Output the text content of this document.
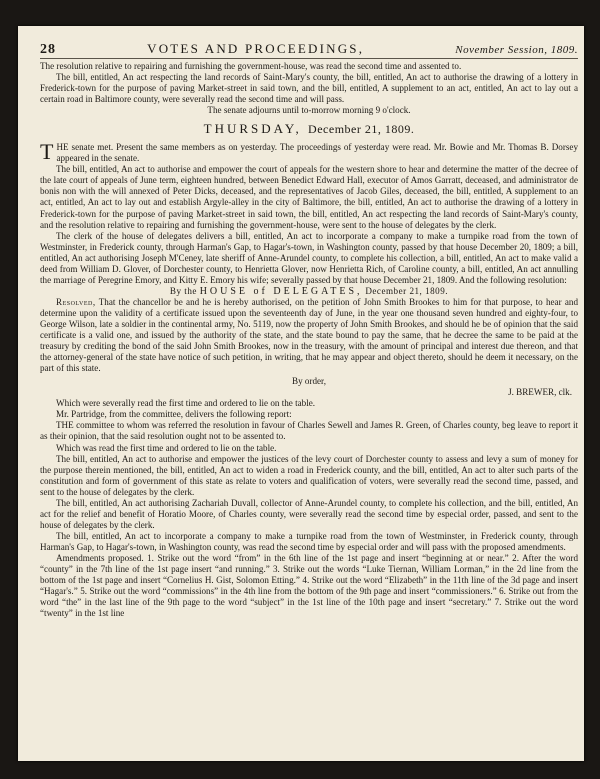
28	VOTES AND PROCEEDINGS,	November Session, 1809.

The resolution relative to repairing and furnishing the government-house, was read the second time and assented to.

The bill, entitled, An act respecting the land records of Saint-Mary's county, the bill, entitled, An act to authorise the drawing of a lottery in Frederick-town for the purpose of paving Market-street in said town, and the bill, entitled, A supplement to an act, entitled, An act to lay out a certain road in Baltimore county, were severally read the second time and will pass.

The senate adjourns until to-morrow morning 9 o'clock.

THURSDAY, December 21, 1809.

THE senate met. Present the same members as on yesterday. The proceedings of yesterday were read. Mr. Bowie and Mr. Thomas B. Dorsey appeared in the senate.

The bill, entitled, An act to authorise and empower the court of appeals for the western shore to hear and determine the matter of the decree of the late court of appeals of June term, eighteen hundred, between Benedict Edward Hall, executor of Amos Garratt, deceased, and administrator de bonis non with the will annexed of Peter Dicks, deceased, and the representatives of Jacob Giles, deceased, the bill, entitled, A supplement to an act, entitled, An act to lay out and establish Argyle-alley in the city of Baltimore, the bill, entitled, An act to authorise the drawing of a lottery in Frederick-town for the purpose of paving Market-street in said town, the bill, entitled, An act respecting the land records of Saint-Mary's county, and the resolution relative to repairing and furnishing the government-house, were sent to the house of delegates by the clerk.

The clerk of the house of delegates delivers a bill, entitled, An act to incorporate a company to make a turnpike road from the town of Westminster, in Frederick county, through Harman's Gap, to Hagar's-town, in Washington county, passed by that house December 20, 1809; a bill, entitled, An act authorising Joseph M'Ceney, late sheriff of Anne-Arundel county, to complete his collection, a bill, entitled, An act to make valid a deed from William D. Glover, of Dorchester county, to Henrietta Glover, now Henrietta Rich, of Caroline county, a bill, entitled, An act annulling the marriage of Peregrine Emory, and Kitty E. Emory his wife; severally passed by that house December 21, 1809. And the following resolution:

By the HOUSE of DELEGATES, December 21, 1809.

Resolved, That the chancellor be and he is hereby authorised, on the petition of John Smith Brookes to him for that purpose, to hear and determine upon the validity of a certificate issued upon the seventeenth day of June, in the year one thousand seven hundred and eighty-four, to George Wilson, late a soldier in the continental army, No. 5119, now the property of John Smith Brookes, and should he be of opinion that the said certificate is a valid one, and issued by the authority of the state, and the state bound to pay the same, that he decree the same to be paid at the treasury by crediting the bond of the said John Smith Brookes, now in the treasury, with the amount of principal and interest due thereon, and that the attorney-general of the state have notice of such petition, in writing, that he may appear and object thereto, should he deem it necessary, on the part of this state.

By order,

J. BREWER, clk.

Which were severally read the first time and ordered to lie on the table.

Mr. Partridge, from the committee, delivers the following report:

THE committee to whom was referred the resolution in favour of Charles Sewell and James R. Green, of Charles county, beg leave to report it as their opinion, that the said resolution ought not to be assented to.

Which was read the first time and ordered to lie on the table.

The bill, entitled, An act to authorise and empower the justices of the levy court of Dorchester county to assess and levy a sum of money for the purpose therein mentioned, the bill, entitled, An act to widen a road in Frederick county, and the bill, entitled, An act to alter such parts of the constitution and form of government of this state as relate to voters and qualification of voters, were severally read the second time, passed, and sent to the house of delegates by the clerk.

The bill, entitled, An act authorising Zachariah Duvall, collector of Anne-Arundel county, to complete his collection, and the bill, entitled, An act for the relief and benefit of Horatio Moore, of Charles county, were severally read the second time by especial order, passed, and sent to the house of delegates by the clerk.

The bill, entitled, An act to incorporate a company to make a turnpike road from the town of Westminster, in Frederick county, through Harman's Gap, to Hagar's-town, in Washington county, was read the second time by especial order and will pass with the proposed amendments.

Amendments proposed. 1. Strike out the word “from” in the 6th line of the 1st page and insert “beginning at or near.” 2. After the word “county” in the 7th line of the 1st page insert “and running.” 3. Strike out the words “Luke Tiernan, William Lorman,” in the 2d line from the bottom of the 1st page and insert “Cornelius H. Gist, Solomon Etting.” 4. Strike out the word “Elizabeth” in the 11th line of the 3d page and insert “Hagar's.” 5. Strike out the word “commissions” in the 4th line from the bottom of the 9th page and insert “commissioners.” 6. Strike out from the word “the” in the last line of the 9th page to the word “subject” in the 1st line of the 10th page and insert “secretary.” 7. Strike out the word “twenty” in the 1st line
